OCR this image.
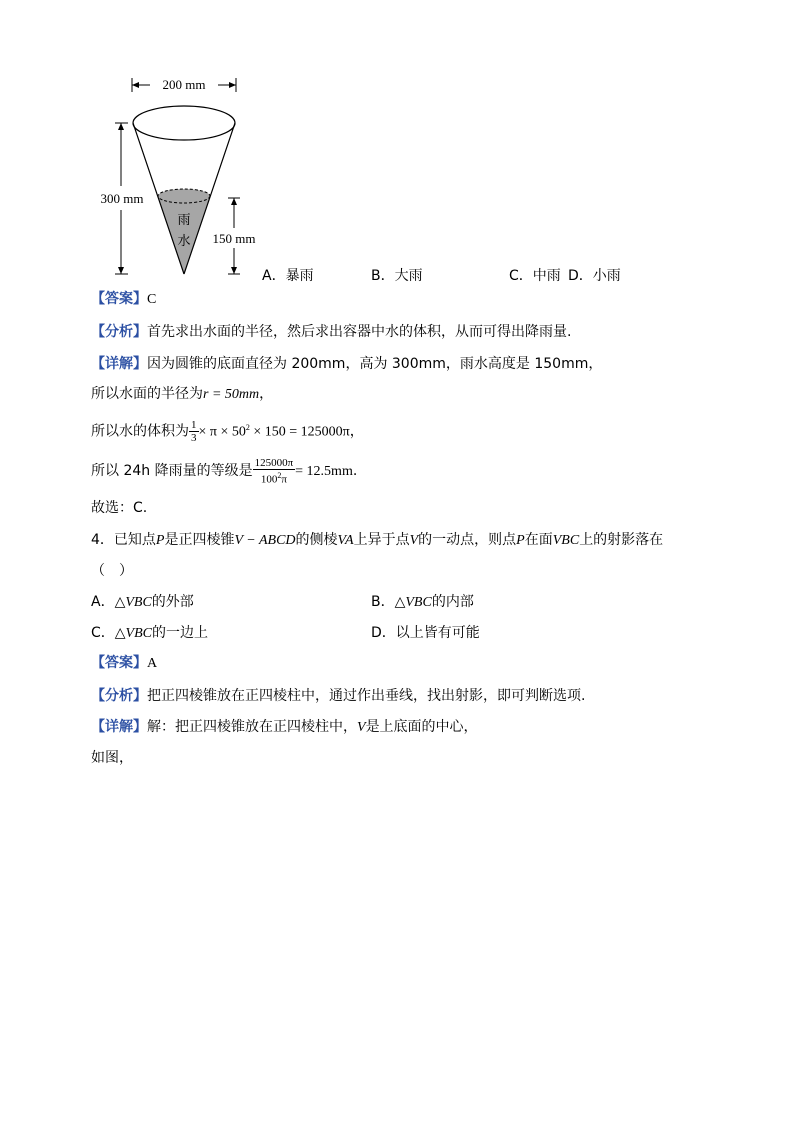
200 mm
雨
水
300 mm
150 mm
A．暴雨	B．大雨	C．中雨 D．小雨
【答案】C
【分析】首先求出水面的半径，然后求出容器中水的体积，从而可得出降雨量.
【详解】因为圆锥的底面直径为 200mm，高为 300mm，雨水高度是 150mm，
所以水面的半径为r = 50mm，
所以水的体积为 $\frac{1}{3} \times \pi \times 50^2 \times 150 = 125000\pi$，
所以 24h 降雨量的等级是 $\frac{125000\pi}{100^2\pi} = 12.5mm$.
故选：C.
4．已知点P是正四棱锥V − ABCD的侧棱VA上异于点V的一动点，则点P在面VBC上的射影落在
（　）
A．△VBC的外部	B．△VBC的内部
C．△VBC的一边上	D．以上皆有可能
【答案】A
【分析】把正四棱锥放在正四棱柱中，通过作出垂线，找出射影，即可判断选项.
【详解】解：把正四棱锥放在正四棱柱中，V是上底面的中心，
如图，
